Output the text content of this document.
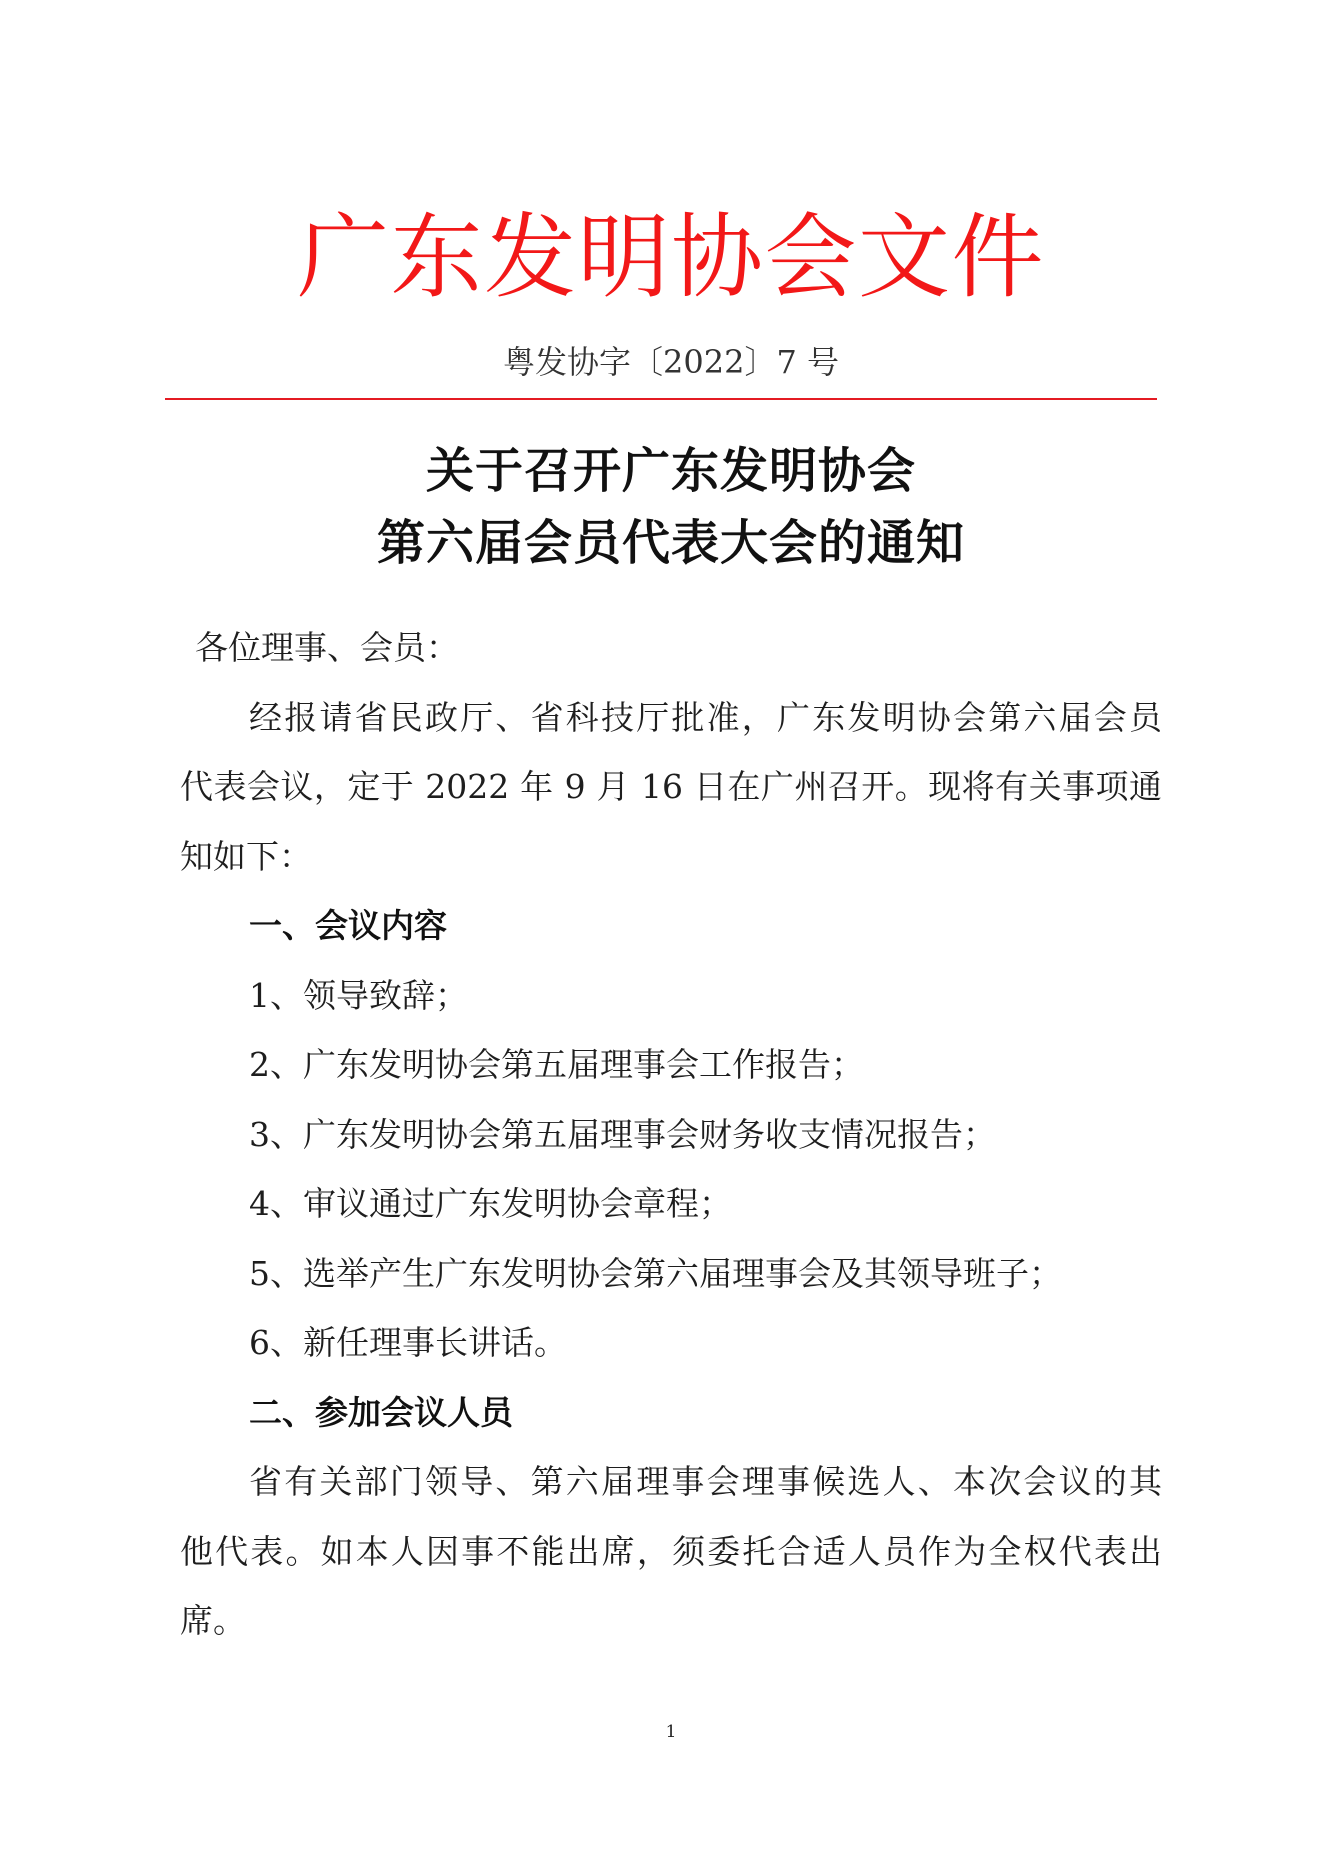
广东发明协会文件
粤发协字〔2022〕7 号
关于召开广东发明协会
第六届会员代表大会的通知
各位理事、会员：
经报请省民政厅、省科技厅批准，广东发明协会第六届会员
代表会议，定于 2022 年 9 月 16 日在广州召开。现将有关事项通
知如下：
一、会议内容
1、领导致辞；
2、广东发明协会第五届理事会工作报告；
3、广东发明协会第五届理事会财务收支情况报告；
4、审议通过广东发明协会章程；
5、选举产生广东发明协会第六届理事会及其领导班子；
6、新任理事长讲话。
二、参加会议人员
省有关部门领导、第六届理事会理事候选人、本次会议的其
他代表。如本人因事不能出席，须委托合适人员作为全权代表出
席。
1
